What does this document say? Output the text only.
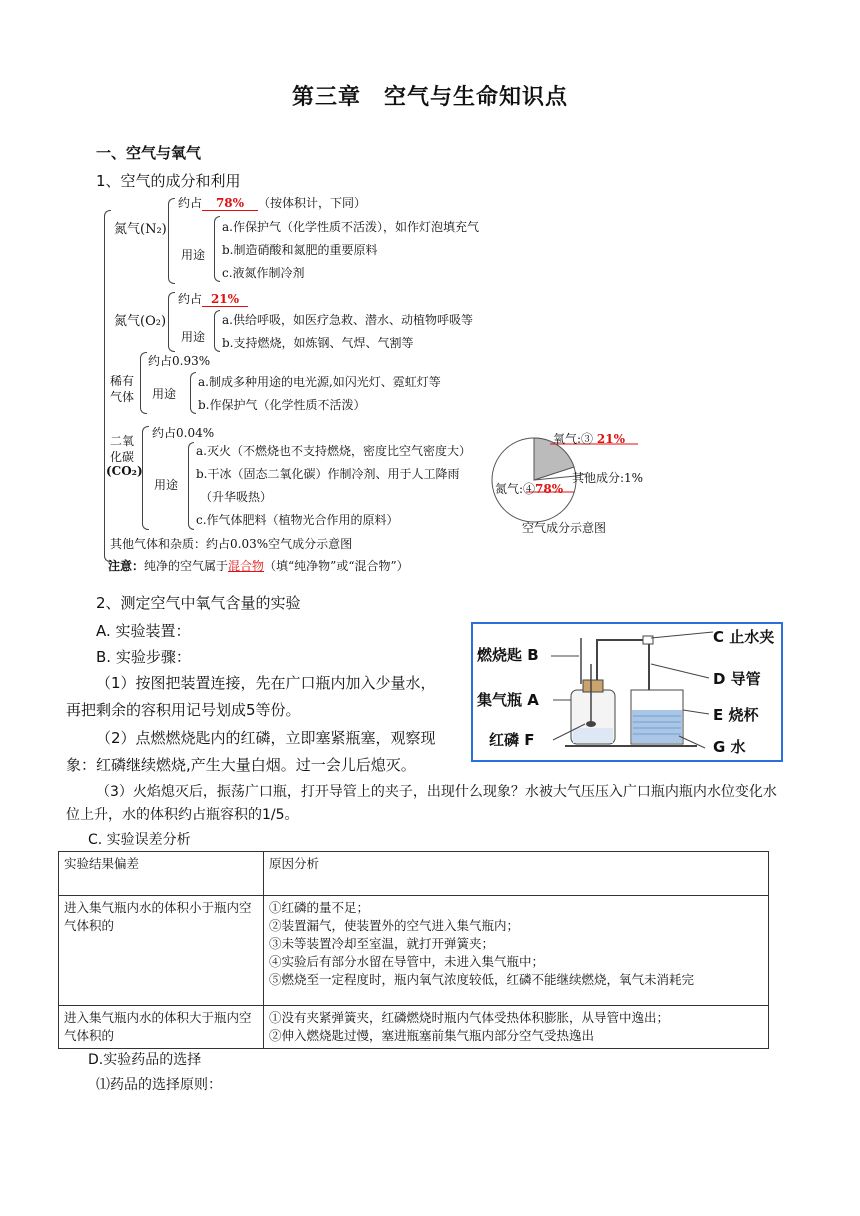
第三章　空气与生命知识点
一、空气与氧气
1、空气的成分和利用
氮气(N₂)
约占 78% （按体积计，下同）
用途
a.作保护气（化学性质不活泼），如作灯泡填充气
b.制造硝酸和氮肥的重要原料
c.液氮作制冷剂
氮气(O₂)
约占 21%
用途
a.供给呼吸，如医疗急救、潜水、动植物呼吸等
b.支持燃烧，如炼钢、气焊、气割等
稀有
气体
约占0.93%
用途
a.制成多种用途的电光源,如闪光灯、霓虹灯等
b.作保护气（化学性质不活泼）
二氧
化碳
(CO₂)
约占0.04%
用途
a.灭火（不燃烧也不支持燃烧，密度比空气密度大）
b.干冰（固态二氧化碳）作制冷剂、用于人工降雨
（升华吸热）
c.作气体肥料（植物光合作用的原料）
其他气体和杂质：约占0.03%空气成分示意图
注意：纯净的空气属于混合物（填“纯净物”或“混合物”）
氧气:③ 21%
其他成分:1%
氮气:④78%
空气成分示意图
2、测定空气中氧气含量的实验
A. 实验装置：
B. 实验步骤：
（1）按图把装置连接，先在广口瓶内加入少量水，
再把剩余的容积用记号划成5等份。
（2）点燃燃烧匙内的红磷，立即塞紧瓶塞，观察现
象：红磷继续燃烧,产生大量白烟。过一会儿后熄灭。
（3）火焰熄灭后，振荡广口瓶，打开导管上的夹子，出现什么现象？水被大气压压入广口瓶内瓶内水位变化水
位上升，水的体积约占瓶容积的1/5。
燃烧匙 B
集气瓶 A
红磷 F
C 止水夹
D 导管
E 烧杯
G 水
C. 实验误差分析
实验结果偏差	原因分析
进入集气瓶内水的体积小于瓶内空气体积的	①红磷的量不足；
②装置漏气，使装置外的空气进入集气瓶内；
③未等装置冷却至室温，就打开弹簧夹；
④实验后有部分水留在导管中，未进入集气瓶中；
⑤燃烧至一定程度时，瓶内氧气浓度较低，红磷不能继续燃烧，氧气未消耗完

进入集气瓶内水的体积大于瓶内空气体积的	①没有夹紧弹簧夹，红磷燃烧时瓶内气体受热体积膨胀，从导管中逸出；
②伸入燃烧匙过慢，塞进瓶塞前集气瓶内部分空气受热逸出
D.实验药品的选择
⑴药品的选择原则：
